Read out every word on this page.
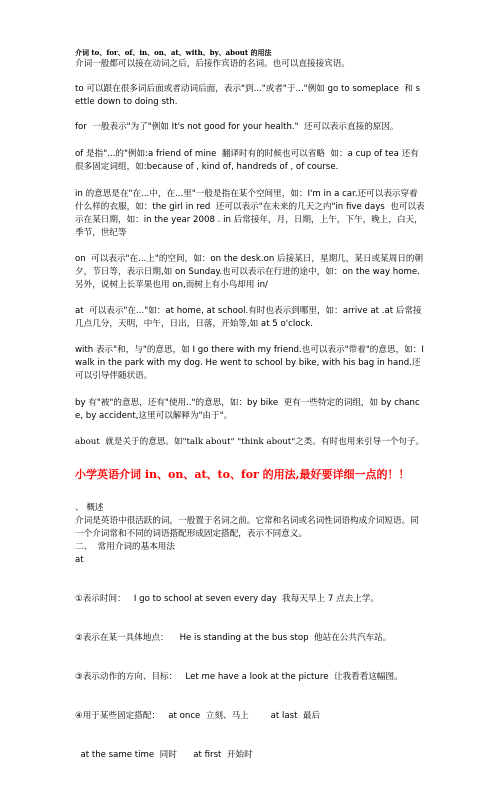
介词 to、for、of、in、on、at、with、by、about 的用法
介词一般都可以接在动词之后，后接作宾语的名词。也可以直接接宾语。
to 可以跟在很多词后面或者动词后面，表示"到..."或者"于..."例如 go to someplace  和 settle down to doing sth.
for  一般表示"为了"例如 It's not good for your health."  还可以表示直接的原因。
of 是指"...的"例如:a friend of mine  翻译时有的时候也可以省略  如：a cup of tea 还有很多固定词组，如:because of , kind of, handreds of , of course.
in 的意思是在"在...中，在...里"一般是指在某个空间里，如：I'm in a car.还可以表示穿着什么样的衣服，如：the girl in red  还可以表示"在未来的几天之内"in five days  也可以表示在某日期，如：in the year 2008 . in 后常接年，月，日期，上午，下午，晚上，白天，季节，世纪等
on  可以表示"在...上"的空间，如：on the desk.on 后接某日，星期几，某日或某周日的朝夕，节日等，表示日期,如 on Sunday.也可以表示在行进的途中，如：on the way home.另外，说树上长苹果也用 on,而树上有小鸟却用 in/
at  可以表示"在..."如：at home, at school.有时也表示到哪里，如：arrive at .at 后常接几点几分，天明，中午，日出，日落，开始等,如 at 5 o'clock.
with 表示"和，与"的意思，如 I go there with my friend.也可以表示"带着"的意思，如：I walk in the park with my dog. He went to school by bike, with his bag in hand.还可以引导伴随状语。
by 有"被"的意思，还有"使用.."的意思，如：by bike  更有一些特定的词组，如 by chance, by accident,这里可以解释为"由于"。
about  就是关于的意思。如"talk about" "think about"之类。有时也用来引导一个句子。
小学英语介词 in、on、at、to、for 的用法,最好要详细一点的！！
、 概述
介词是英语中很活跃的词，一般置于名词之前。它常和名词或名词性词语构成介词短语。同一个介词常和不同的词语搭配形成固定搭配，表示不同意义。
二、  常用介词的基本用法
at

①表示时间：   I go to school at seven every day  我每天早上 7 点去上学。

②表示在某一具体地点：    He is standing at the bus stop  他站在公共汽车站。

③表示动作的方向、目标：   Let me have a look at the picture  让我看看这幅图。

④用于某些固定搭配：   at once  立刻、马上        at last  最后

at the same time  同时      at first  开始时
